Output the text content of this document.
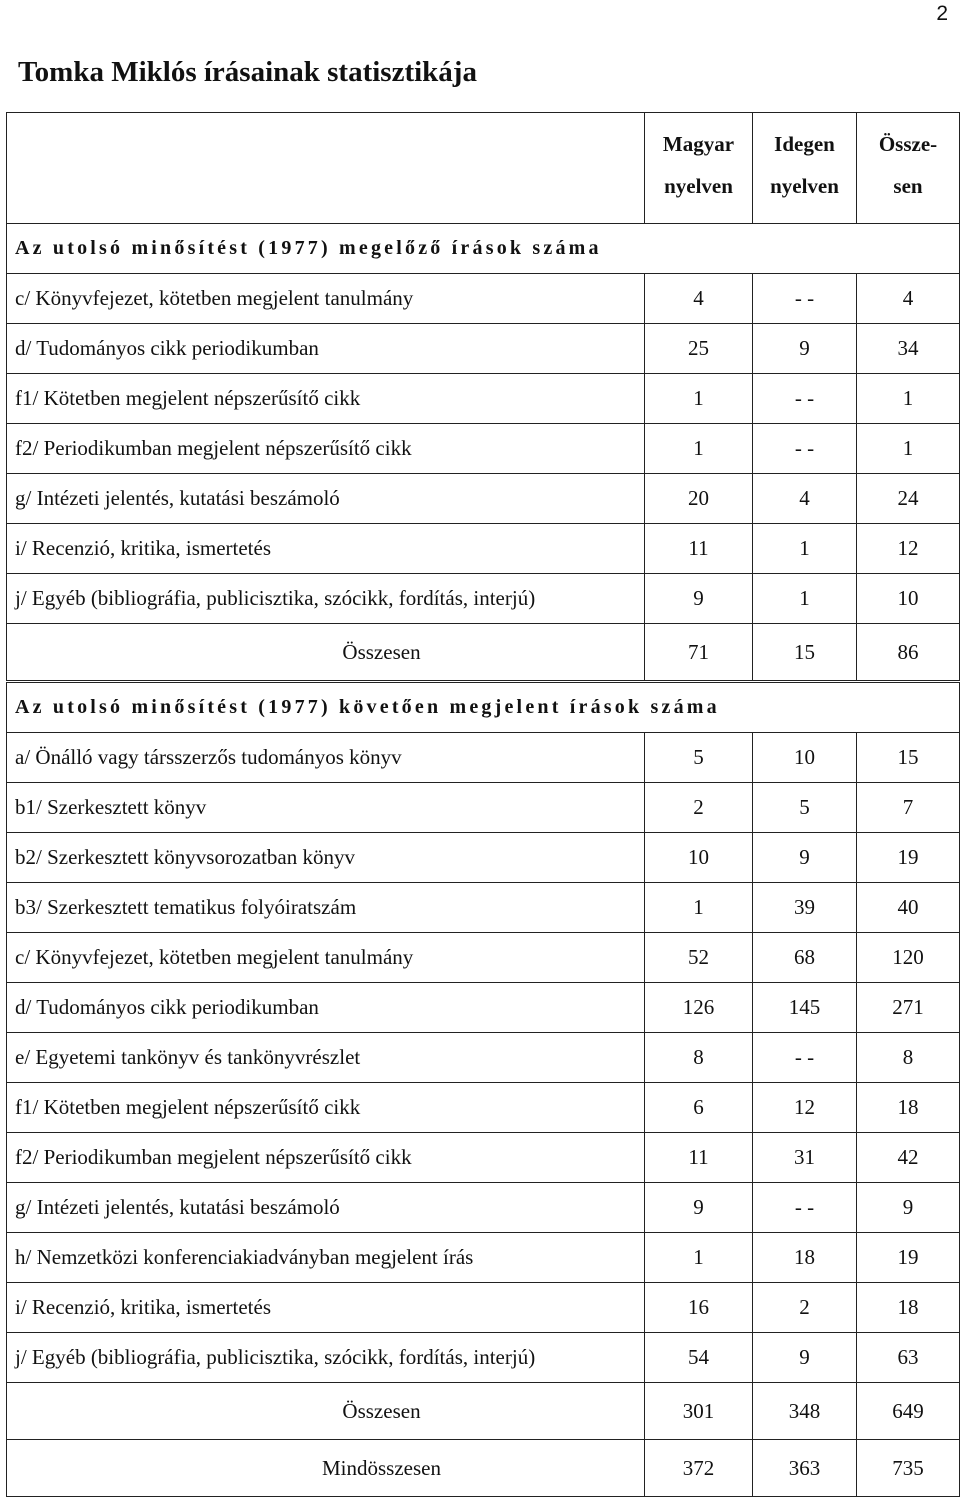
2
Tomka Miklós írásainak statisztikája
	Magyar
nyelven	Idegen
nyelven	Össze-
sen
Az utolsó minősítést (1977) megelőző írások száma			
c/ Könyvfejezet, kötetben megjelent tanulmány	4	- -	4
d/ Tudományos cikk periodikumban	25	9	34
f1/ Kötetben megjelent népszerűsítő cikk	1	- -	1
f2/ Periodikumban megjelent népszerűsítő cikk	1	- -	1
g/ Intézeti jelentés, kutatási beszámoló	20	4	24
i/ Recenzió, kritika, ismertetés	11	1	12
j/ Egyéb (bibliográfia, publicisztika, szócikk, fordítás, interjú)	9	1	10
Összesen	71	15	86
Az utolsó minősítést (1977) követően megjelent írások száma			
a/ Önálló vagy társszerzős tudományos könyv	5	10	15
b1/ Szerkesztett könyv	2	5	7
b2/ Szerkesztett könyvsorozatban könyv	10	9	19
b3/ Szerkesztett tematikus folyóiratszám	1	39	40
c/ Könyvfejezet, kötetben megjelent tanulmány	52	68	120
d/ Tudományos cikk periodikumban	126	145	271
e/ Egyetemi tankönyv és tankönyvrészlet	8	- -	8
f1/ Kötetben megjelent népszerűsítő cikk	6	12	18
f2/ Periodikumban megjelent népszerűsítő cikk	11	31	42
g/ Intézeti jelentés, kutatási beszámoló	9	- -	9
h/ Nemzetközi konferenciakiadványban megjelent írás	1	18	19
i/ Recenzió, kritika, ismertetés	16	2	18
j/ Egyéb (bibliográfia, publicisztika, szócikk, fordítás, interjú)	54	9	63
Összesen	301	348	649
Mindösszesen	372	363	735
